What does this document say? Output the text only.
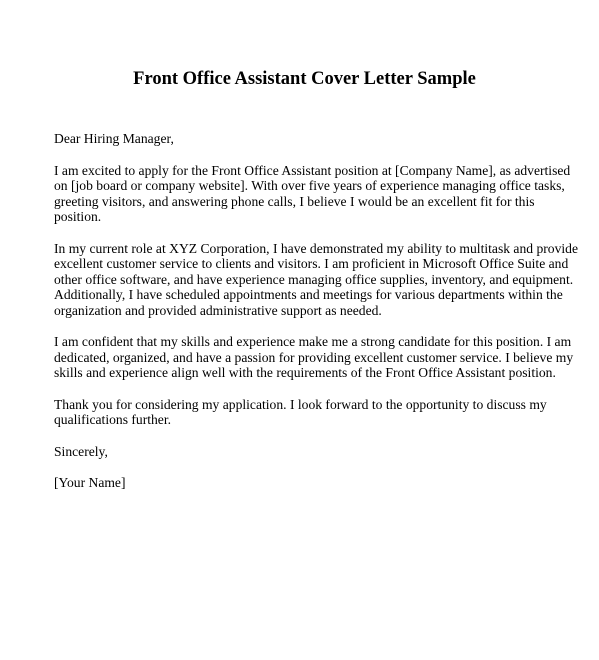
Front Office Assistant Cover Letter Sample
Dear Hiring Manager,
I am excited to apply for the Front Office Assistant position at [Company Name], as advertised
on [job board or company website]. With over five years of experience managing office tasks,
greeting visitors, and answering phone calls, I believe I would be an excellent fit for this
position.
In my current role at XYZ Corporation, I have demonstrated my ability to multitask and provide
excellent customer service to clients and visitors. I am proficient in Microsoft Office Suite and
other office software, and have experience managing office supplies, inventory, and equipment.
Additionally, I have scheduled appointments and meetings for various departments within the
organization and provided administrative support as needed.
I am confident that my skills and experience make me a strong candidate for this position. I am
dedicated, organized, and have a passion for providing excellent customer service. I believe my
skills and experience align well with the requirements of the Front Office Assistant position.
Thank you for considering my application. I look forward to the opportunity to discuss my
qualifications further.
Sincerely,
[Your Name]
